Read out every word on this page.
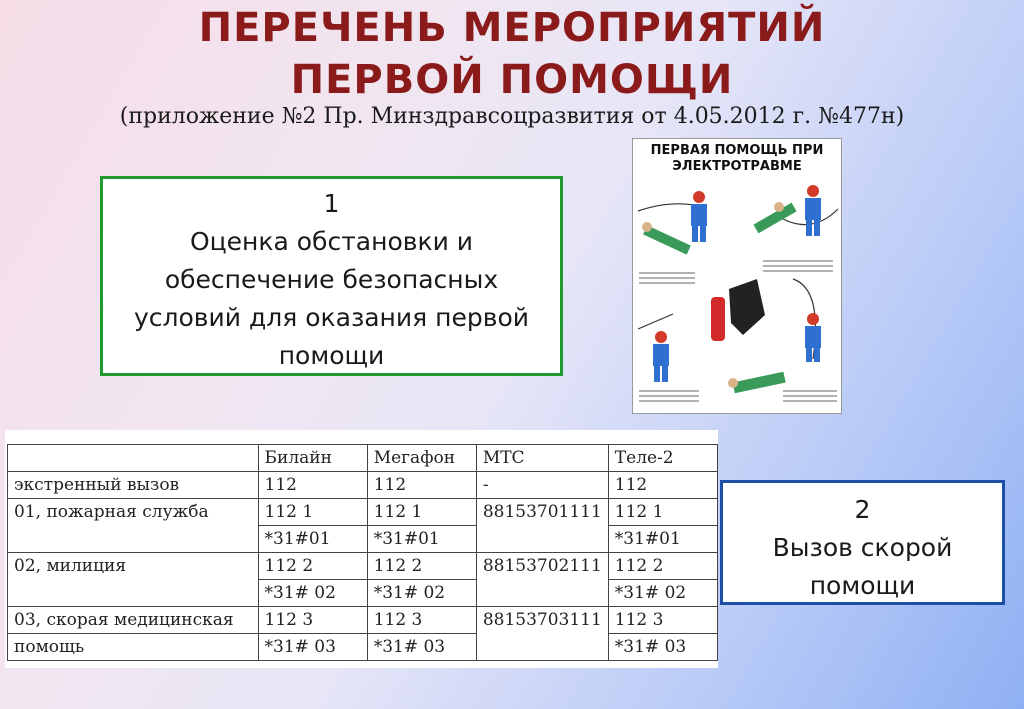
ПЕРЕЧЕНЬ МЕРОПРИЯТИЙ
ПЕРВОЙ ПОМОЩИ
(приложение №2 Пр. Минздравсоцразвития от 4.05.2012 г. №477н)
1
Оценка обстановки и
обеспечение безопасных
условий для оказания первой
помощи
ПЕРВАЯ ПОМОЩЬ ПРИ
ЭЛЕКТРОТРАВМЕ
	Билайн	Мегафон	МТС	Теле-2
экстренный вызов	112	112	-	112
01, пожарная служба	112 1	112 1	88153701111	112 1
	*31#01	*31#01		*31#01
02, милиция	112 2	112 2	88153702111	112 2
	*31# 02	*31# 02		*31# 02
03, скорая медицинская	112 3	112 3	88153703111	112 3
помощь	*31# 03	*31# 03		*31# 03
2
Вызов скорой
помощи
